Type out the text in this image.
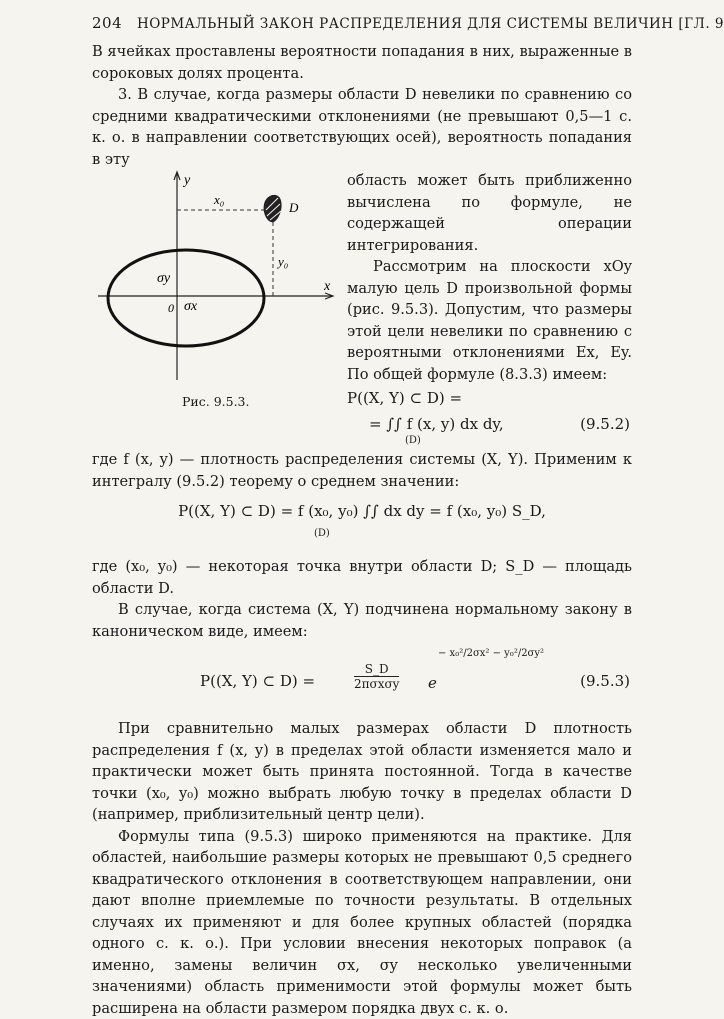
204 НОРМАЛЬНЫЙ ЗАКОН РАСПРЕДЕЛЕНИЯ ДЛЯ СИСТЕМЫ ВЕЛИЧИН [ГЛ. 9

В ячейках проставлены вероятности попадания в них, выраженные в сороковых долях процента.

3. В случае, когда размеры области D невелики по сравнению со средними квадратическими отклонениями (не превышают 0,5—1 с. к. о. в направлении соответствующих осей), вероятность попадания в эту

y
x
0
x₀
y₀
D
σy
σx
Рис. 9.5.3.

область может быть приближенно вычислена по формуле, не содержащей операции интегрирования.

Рассмотрим на плоскости xOy малую цель D произвольной формы (рис. 9.5.3). Допустим, что размеры этой цели невелики по сравнению с вероятными отклонениями Ex, Ey. По общей формуле (8.3.3) имеем:

P((X, Y) ⊂ D) =
= ∫∫ f (x, y) dx dy,
(D)
(9.5.2)

где f (x, y) — плотность распределения системы (X, Y). Применим к интегралу (9.5.2) теорему о среднем значении:

P((X, Y) ⊂ D) = f (x₀, y₀) ∫∫ dx dy = f (x₀, y₀) S_D,
(D)

где (x₀, y₀) — некоторая точка внутри области D; S_D — площадь области D.

В случае, когда система (X, Y) подчинена нормальному закону в каноническом виде, имеем:

P((X, Y) ⊂ D) =
S_D
2πσxσy e
− x₀²/2σx² − y₀²/2σy²
(9.5.3)

При сравнительно малых размерах области D плотность распределения f (x, y) в пределах этой области изменяется мало и практически может быть принята постоянной. Тогда в качестве точки (x₀, y₀) можно выбрать любую точку в пределах области D (например, приблизительный центр цели).

Формулы типа (9.5.3) широко применяются на практике. Для областей, наибольшие размеры которых не превышают 0,5 среднего квадратического отклонения в соответствующем направлении, они дают вполне приемлемые по точности результаты. В отдельных случаях их применяют и для более крупных областей (порядка одного с. к. о.). При условии внесения некоторых поправок (а именно, замены величин σx, σy несколько увеличенными значениями) область применимости этой формулы может быть расширена на области размером порядка двух с. к. о.
